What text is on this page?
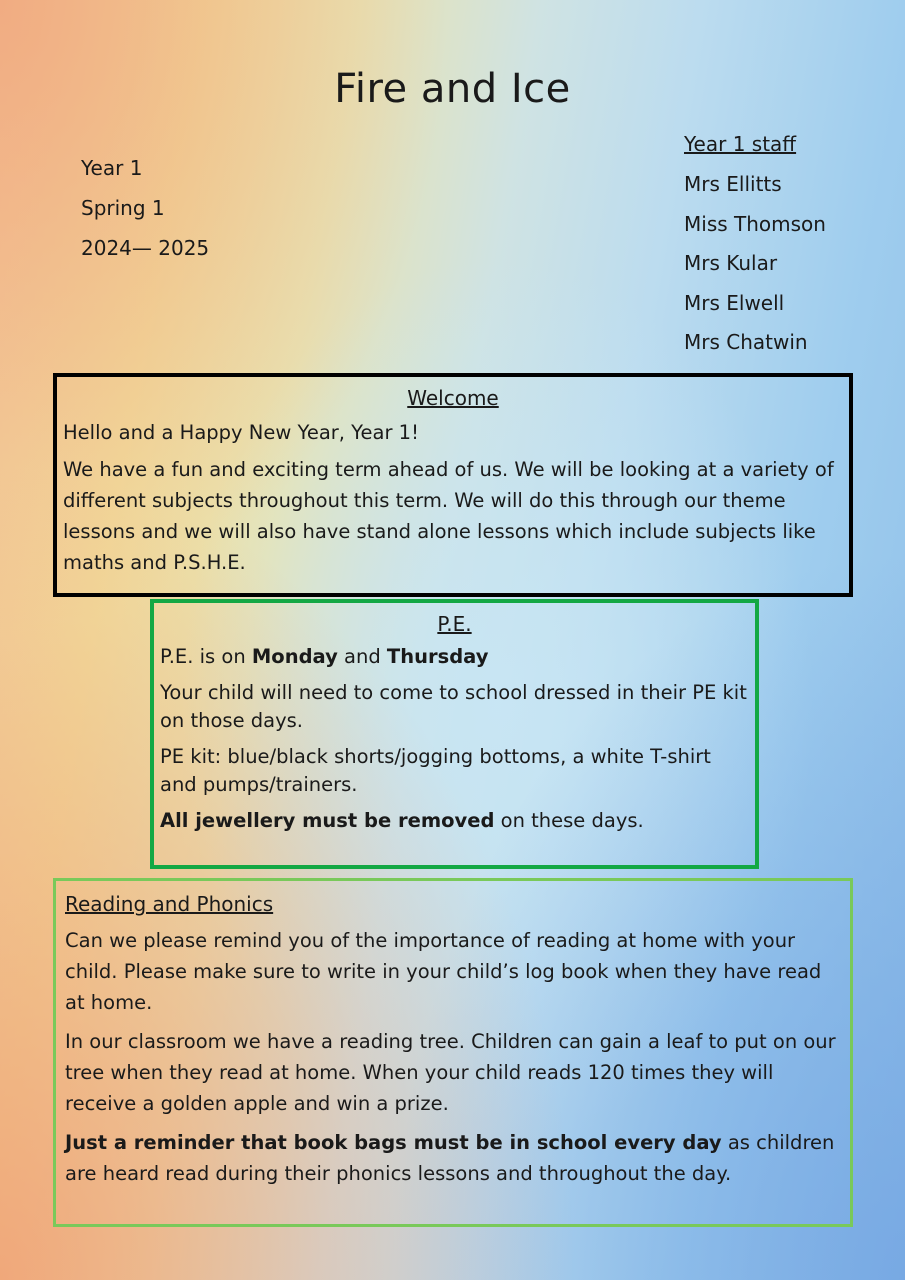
Fire and Ice
Year 1
Spring 1
2024— 2025
Year 1 staff
Mrs Ellitts
Miss Thomson
Mrs Kular
Mrs Elwell
Mrs Chatwin
Welcome

Hello and a Happy New Year, Year 1!

We have a fun and exciting term ahead of us. We will be looking at a variety of different subjects throughout this term. We will do this through our theme lessons and we will also have stand alone lessons which include subjects like maths and P.S.H.E.

P.E.

P.E. is on Monday and Thursday

Your child will need to come to school dressed in their PE kit on those days.

PE kit: blue/black shorts/jogging bottoms, a white T-shirt and pumps/trainers.

All jewellery must be removed on these days.

Reading and Phonics

Can we please remind you of the importance of reading at home with your child. Please make sure to write in your child’s log book when they have read at home.

In our classroom we have a reading tree. Children can gain a leaf to put on our tree when they read at home. When your child reads 120 times they will receive a golden apple and win a prize.

Just a reminder that book bags must be in school every day as children are heard read during their phonics lessons and throughout the day.
